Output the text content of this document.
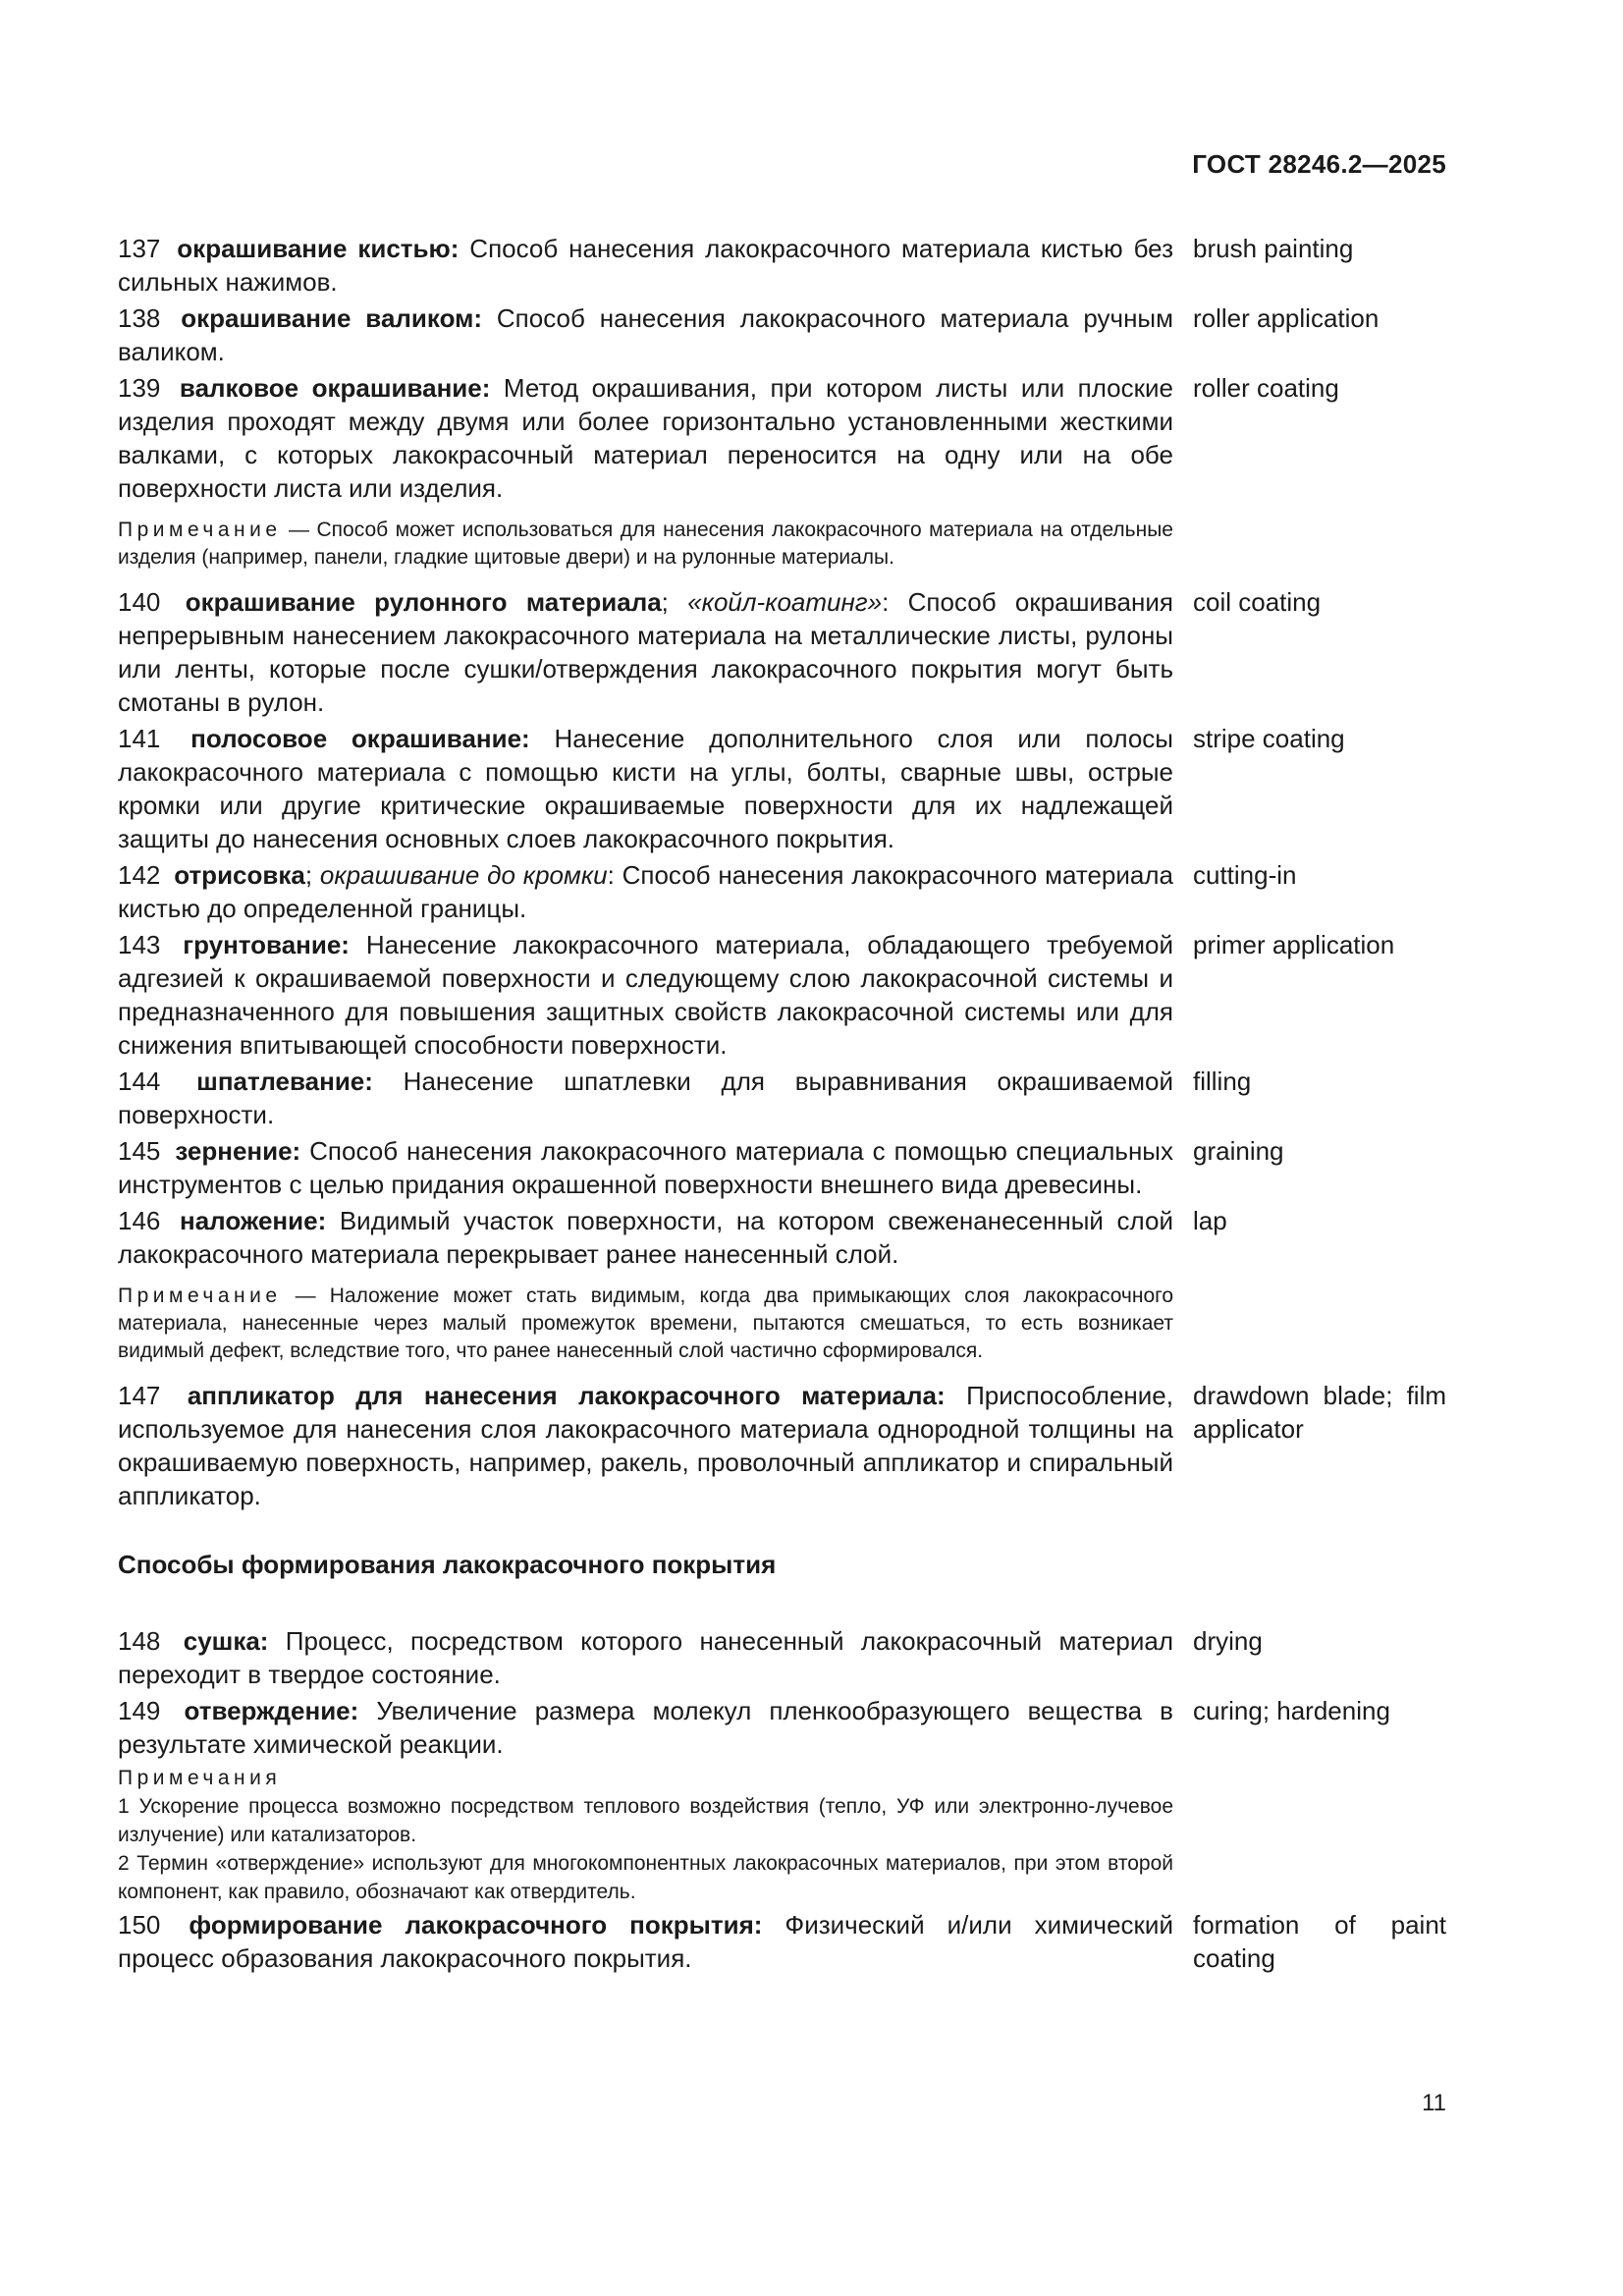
ГОСТ 28246.2—2025
137 окрашивание кистью: Способ нанесения лакокрасочного материала кистью без сильных нажимов.
brush painting
138 окрашивание валиком: Способ нанесения лакокрасочного материала ручным валиком.
roller application
139 валковое окрашивание: Метод окрашивания, при котором листы или плоские изделия проходят между двумя или более горизонтально установленными жесткими валками, с которых лакокрасочный материал переносится на одну или на обе поверхности листа или изделия.
roller coating
Примечание — Способ может использоваться для нанесения лакокрасочного материала на отдельные изделия (например, панели, гладкие щитовые двери) и на рулонные материалы.
140 окрашивание рулонного материала; «койл-коатинг»: Способ окрашивания непрерывным нанесением лакокрасочного материала на металлические листы, рулоны или ленты, которые после сушки/отверждения лакокрасочного покрытия могут быть смотаны в рулон.
coil coating
141 полосовое окрашивание: Нанесение дополнительного слоя или полосы лакокрасочного материала с помощью кисти на углы, болты, сварные швы, острые кромки или другие критические окрашиваемые поверхности для их надлежащей защиты до нанесения основных слоев лакокрасочного покрытия.
stripe coating
142 отрисовка; окрашивание до кромки: Способ нанесения лакокрасочного материала кистью до определенной границы.
cutting-in
143 грунтование: Нанесение лакокрасочного материала, обладающего требуемой адгезией к окрашиваемой поверхности и следующему слою лакокрасочной системы и предназначенного для повышения защитных свойств лакокрасочной системы или для снижения впитывающей способности поверхности.
primer application
144 шпатлевание: Нанесение шпатлевки для выравнивания окрашиваемой поверхности.
filling
145 зернение: Способ нанесения лакокрасочного материала с помощью специальных инструментов с целью придания окрашенной поверхности внешнего вида древесины.
graining
146 наложение: Видимый участок поверхности, на котором свеженанесенный слой лакокрасочного материала перекрывает ранее нанесенный слой.
lap
Примечание — Наложение может стать видимым, когда два примыкающих слоя лакокрасочного материала, нанесенные через малый промежуток времени, пытаются смешаться, то есть возникает видимый дефект, вследствие того, что ранее нанесенный слой частично сформировался.
147 аппликатор для нанесения лакокрасочного материала: Приспособление, используемое для нанесения слоя лакокрасочного материала однородной толщины на окрашиваемую поверхность, например, ракель, проволочный аппликатор и спиральный аппликатор.
drawdown blade; film applicator
Способы формирования лакокрасочного покрытия
148 сушка: Процесс, посредством которого нанесенный лакокрасочный материал переходит в твердое состояние.
drying
149 отверждение: Увеличение размера молекул пленкообразующего вещества в результате химической реакции.
curing; hardening
Примечания
1 Ускорение процесса возможно посредством теплового воздействия (тепло, УФ или электронно-лучевое излучение) или катализаторов.
2 Термин «отверждение» используют для многокомпонентных лакокрасочных материалов, при этом второй компонент, как правило, обозначают как отвердитель.
150 формирование лакокрасочного покрытия: Физический и/или химический процесс образования лакокрасочного покрытия.
formation of paint coating
11
